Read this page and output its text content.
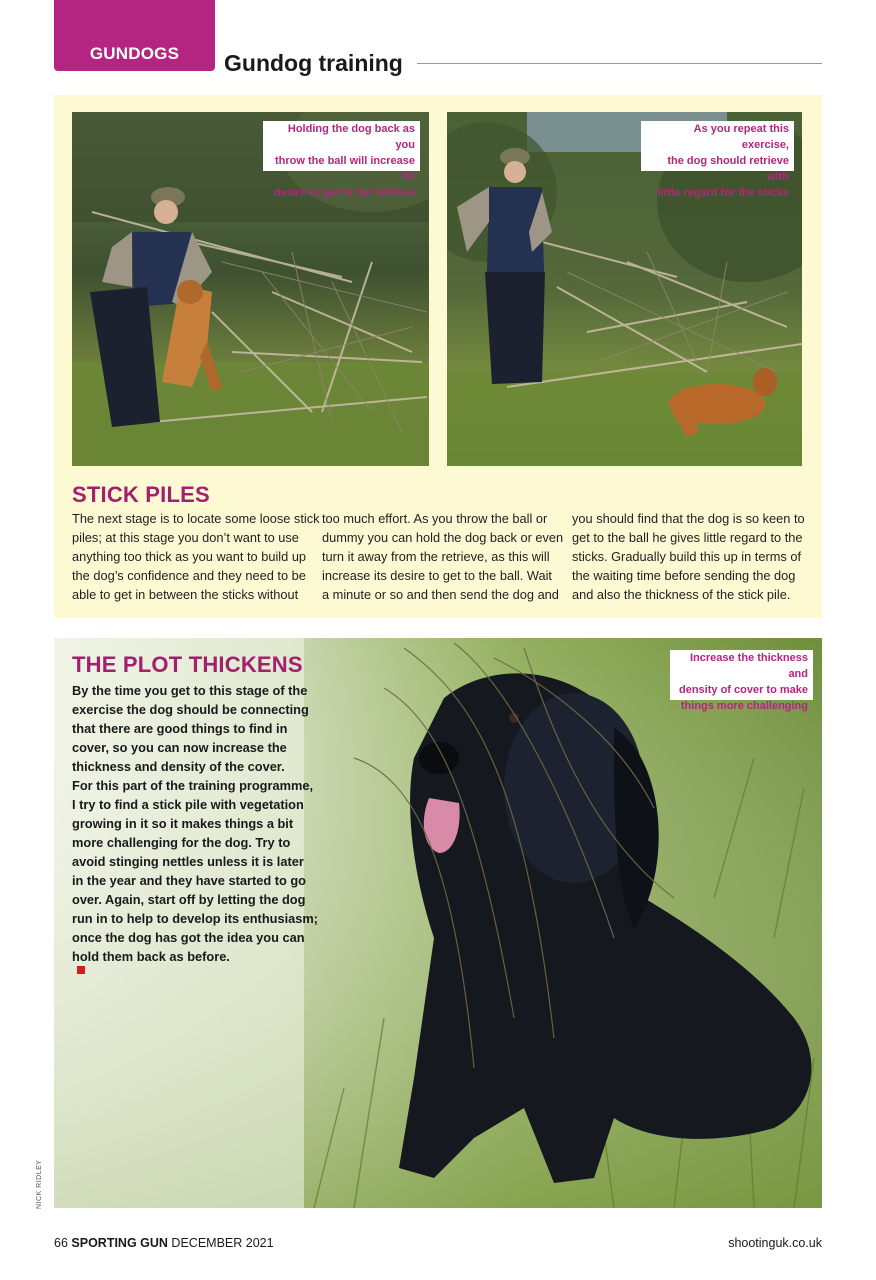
GUNDOGS	Gundog training
Holding the dog back as you
throw the ball will increase its
desire to get to the retrieve
As you repeat this exercise,
the dog should retrieve with
little regard for the sticks
STICK PILES
The next stage is to locate some loose stick
piles; at this stage you don’t want to use
anything too thick as you want to build up
the dog’s confidence and they need to be
able to get in between the sticks without
too much effort. As you throw the ball or
dummy you can hold the dog back or even
turn it away from the retrieve, as this will
increase its desire to get to the ball. Wait
a minute or so and then send the dog and
you should find that the dog is so keen to
get to the ball he gives little regard to the
sticks. Gradually build this up in terms of
the waiting time before sending the dog
and also the thickness of the stick pile.
Increase the thickness and
density of cover to make
things more challenging
THE PLOT THICKENS
By the time you get to this stage of the
exercise the dog should be connecting
that there are good things to find in
cover, so you can now increase the
thickness and density of the cover.
For this part of the training programme,
I try to find a stick pile with vegetation
growing in it so it makes things a bit
more challenging for the dog. Try to
avoid stinging nettles unless it is later
in the year and they have started to go
over. Again, start off by letting the dog
run in to help to develop its enthusiasm;
once the dog has got the idea you can
hold them back as before.
NICK RIDLEY
66 SPORTING GUN DECEMBER 2021	shootinguk.co.uk
